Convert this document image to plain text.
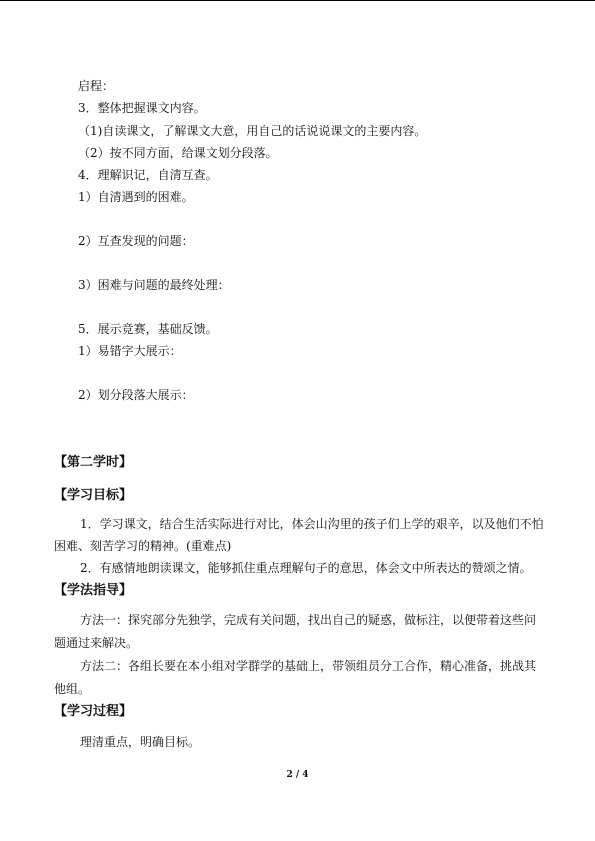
启程：
3．整体把握课文内容。
（1)自读课文，了解课文大意，用自己的话说说课文的主要内容。
（2）按不同方面，给课文划分段落。
4．理解识记，自清互查。
1）自清遇到的困难。
2）互查发现的问题：
3）困难与问题的最终处理：
5．展示竞赛，基础反馈。
1）易错字大展示：
2）划分段落大展示：
【第二学时】
【学习目标】
1．学习课文，结合生活实际进行对比，体会山沟里的孩子们上学的艰辛，以及他们不怕
困难、刻苦学习的精神。(重难点)
2．有感情地朗读课文，能够抓住重点理解句子的意思，体会文中所表达的赞颂之情。
【学法指导】
方法一：探究部分先独学，完成有关问题，找出自己的疑惑，做标注，以便带着这些问
题通过来解决。
方法二：各组长要在本小组对学群学的基础上，带领组员分工合作，精心准备，挑战其
他组。
【学习过程】
理清重点，明确目标。
2 / 4
